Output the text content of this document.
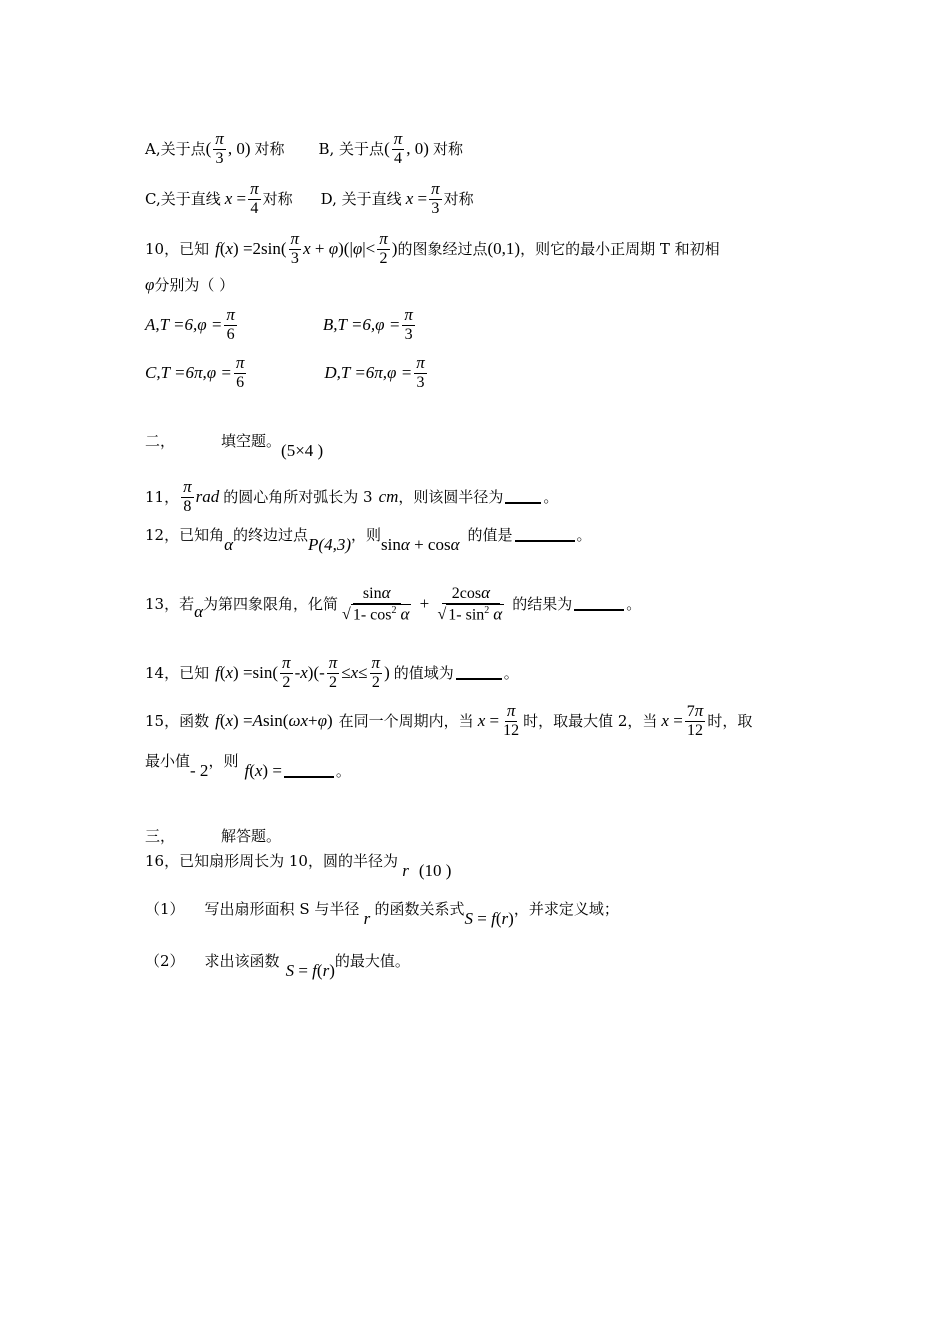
A,关于点 ( $\frac{\pi}{3}$ , 0) 对称 B, 关于点 ( $\frac{\pi}{4}$ , 0) 对称
C,关于直线 $x = \frac{\pi}{4}$ 对称 D, 关于直线 $x = \frac{\pi}{3}$ 对称
10，已知 f ( x ) $=2\sin( \frac{\pi}{3}$ x + φ )(| φ |< $\frac{\pi}{2}$ ) 的图象经过点 (0,1) ，则它的最小正周期 T 和初相
φ 分别为（ ）
$A,T =6,\varphi = \frac{\pi}{6}$	$B,T =6,\varphi = \frac{\pi}{3}$
$C,T =6\pi,\varphi = \frac{\pi}{6}$	$D,T =6\pi,\varphi = \frac{\pi}{3}$
二，	填空题。 (5×4 )
11， $\frac{\pi}{8}$ rad 的圆心角所对弧长为 3 cm ，则该圆半径为	。
12，已知角 α 的终边过点 P(4,3) ，则 sinα + cosα 的值是	。
13，若 α 为第四象限角，化简 $\frac{\sin\alpha}{√ 1- \cos^2 \alpha} + \frac{2\cos\alpha}{√ 1- \sin^2 \alpha}$ 的结果为	。
14，已知 f ( x ) $=\sin( \frac{\pi}{2} - x$ )(- $\frac{\pi}{2} \le x \le \frac{\pi}{2}$ ) 的值域为	。
15，函数 f ( x ) = A sin( ωx + φ ) 在同一个周期内，当 $x = \frac{\pi}{12}$ 时，取最大值 2，当 $x = \frac{7\pi}{12}$ 时，取
最小值 - 2 ，则 f ( x ) =	。
三，	解答题。
16，已知扇形周长为 10，圆的半径为 r (10 )
（1） 写出扇形面积 S 与半径 r 的函数关系式 S = f(r) ，并求定义域；
（2） 求出该函数 S = f(r) 的最大值。
